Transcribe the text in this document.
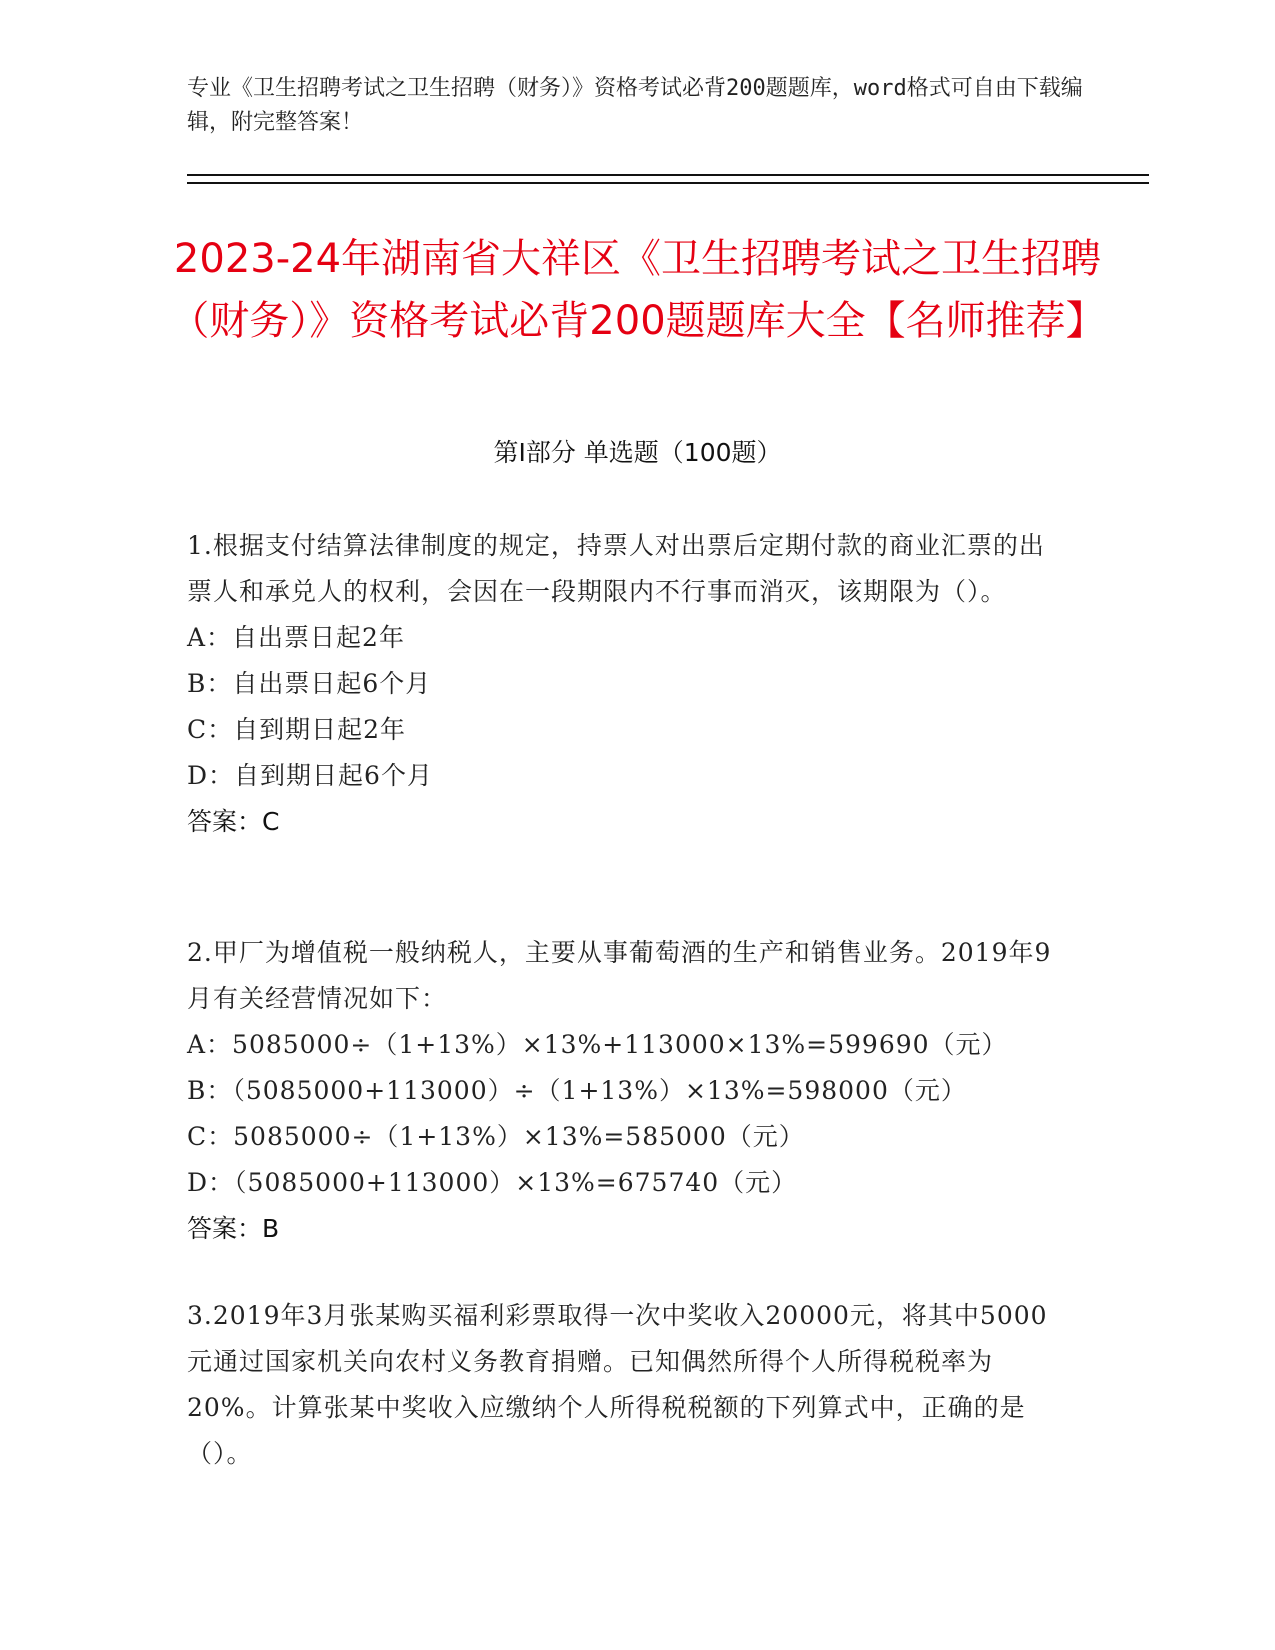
专业《卫生招聘考试之卫生招聘（财务）》资格考试必背200题题库，word格式可自由下载编辑，附完整答案！
2023-24年湖南省大祥区《卫生招聘考试之卫生招聘（财务）》资格考试必背200题题库大全【名师推荐】
第I部分 单选题（100题）
1.根据支付结算法律制度的规定，持票人对出票后定期付款的商业汇票的出票人和承兑人的权利，会因在一段期限内不行事而消灭，该期限为（）。
A：自出票日起2年
B：自出票日起6个月
C：自到期日起2年
D：自到期日起6个月
答案：C
2.甲厂为增值税一般纳税人，主要从事葡萄酒的生产和销售业务。2019年9月有关经营情况如下：
A：5085000÷（1+13%）×13%+113000×13%=599690（元）
B：（5085000+113000）÷（1+13%）×13%=598000（元）
C：5085000÷（1+13%）×13%=585000（元）
D：（5085000+113000）×13%=675740（元）
答案：B
3.2019年3月张某购买福利彩票取得一次中奖收入20000元，将其中5000元通过国家机关向农村义务教育捐赠。已知偶然所得个人所得税税率为20%。计算张某中奖收入应缴纳个人所得税税额的下列算式中，正确的是（）。
